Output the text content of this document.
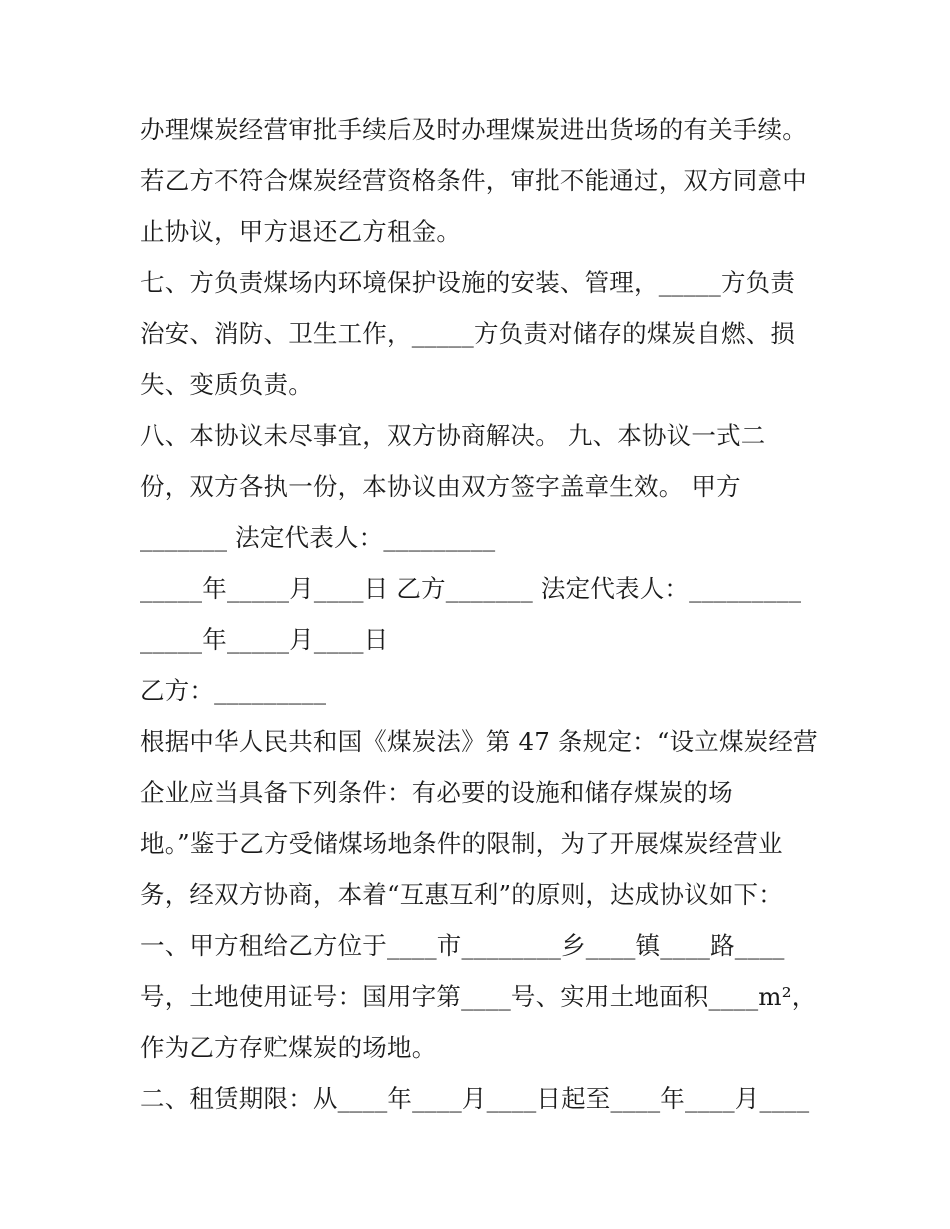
办理煤炭经营审批手续后及时办理煤炭进出货场的有关手续。
若乙方不符合煤炭经营资格条件，审批不能通过，双方同意中
止协议，甲方退还乙方租金。
七、方负责煤场内环境保护设施的安装、管理，_____方负责
治安、消防、卫生工作，_____方负责对储存的煤炭自燃、损
失、变质负责。
八、本协议未尽事宜，双方协商解决。 九、本协议一式二
份，双方各执一份，本协议由双方签字盖章生效。 甲方
_______ 法定代表人：_________
_____年_____月____日 乙方_______ 法定代表人：_________
_____年_____月____日
乙方：_________
根据中华人民共和国《煤炭法》第 47 条规定：“设立煤炭经营
企业应当具备下列条件：有必要的设施和储存煤炭的场
地。”鉴于乙方受储煤场地条件的限制，为了开展煤炭经营业
务，经双方协商，本着“互惠互利”的原则，达成协议如下：
一、甲方租给乙方位于____市________乡____镇____路____
号，土地使用证号：国用字第____号、实用土地面积____m²，
作为乙方存贮煤炭的场地。
二、租赁期限：从____年____月____日起至____年____月____
